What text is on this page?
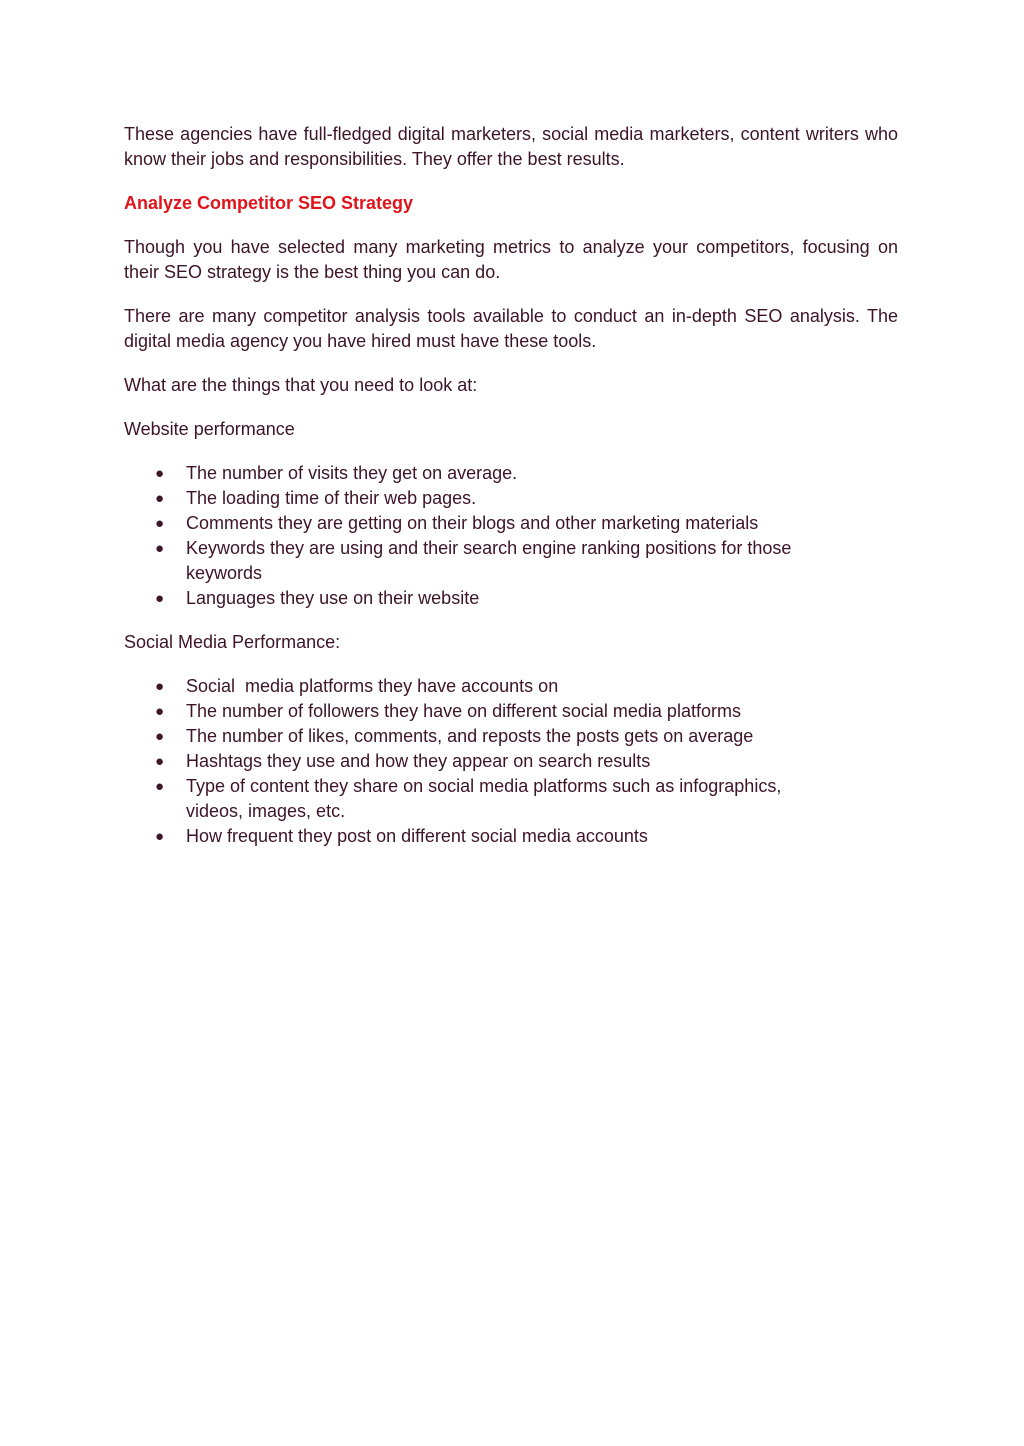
These agencies have full-fledged digital marketers, social media marketers, content writers who know their jobs and responsibilities. They offer the best results.

Analyze Competitor SEO Strategy

Though you have selected many marketing metrics to analyze your competitors, focusing on their SEO strategy is the best thing you can do.

There are many competitor analysis tools available to conduct an in-depth SEO analysis. The digital media agency you have hired must have these tools.

What are the things that you need to look at:

Website performance

● The number of visits they get on average.
● The loading time of their web pages.
● Comments they are getting on their blogs and other marketing materials
● Keywords they are using and their search engine ranking positions for those keywords
● Languages they use on their website

Social Media Performance:

● Social  media platforms they have accounts on
● The number of followers they have on different social media platforms
● The number of likes, comments, and reposts the posts gets on average
● Hashtags they use and how they appear on search results
● Type of content they share on social media platforms such as infographics, videos, images, etc.
● How frequent they post on different social media accounts
